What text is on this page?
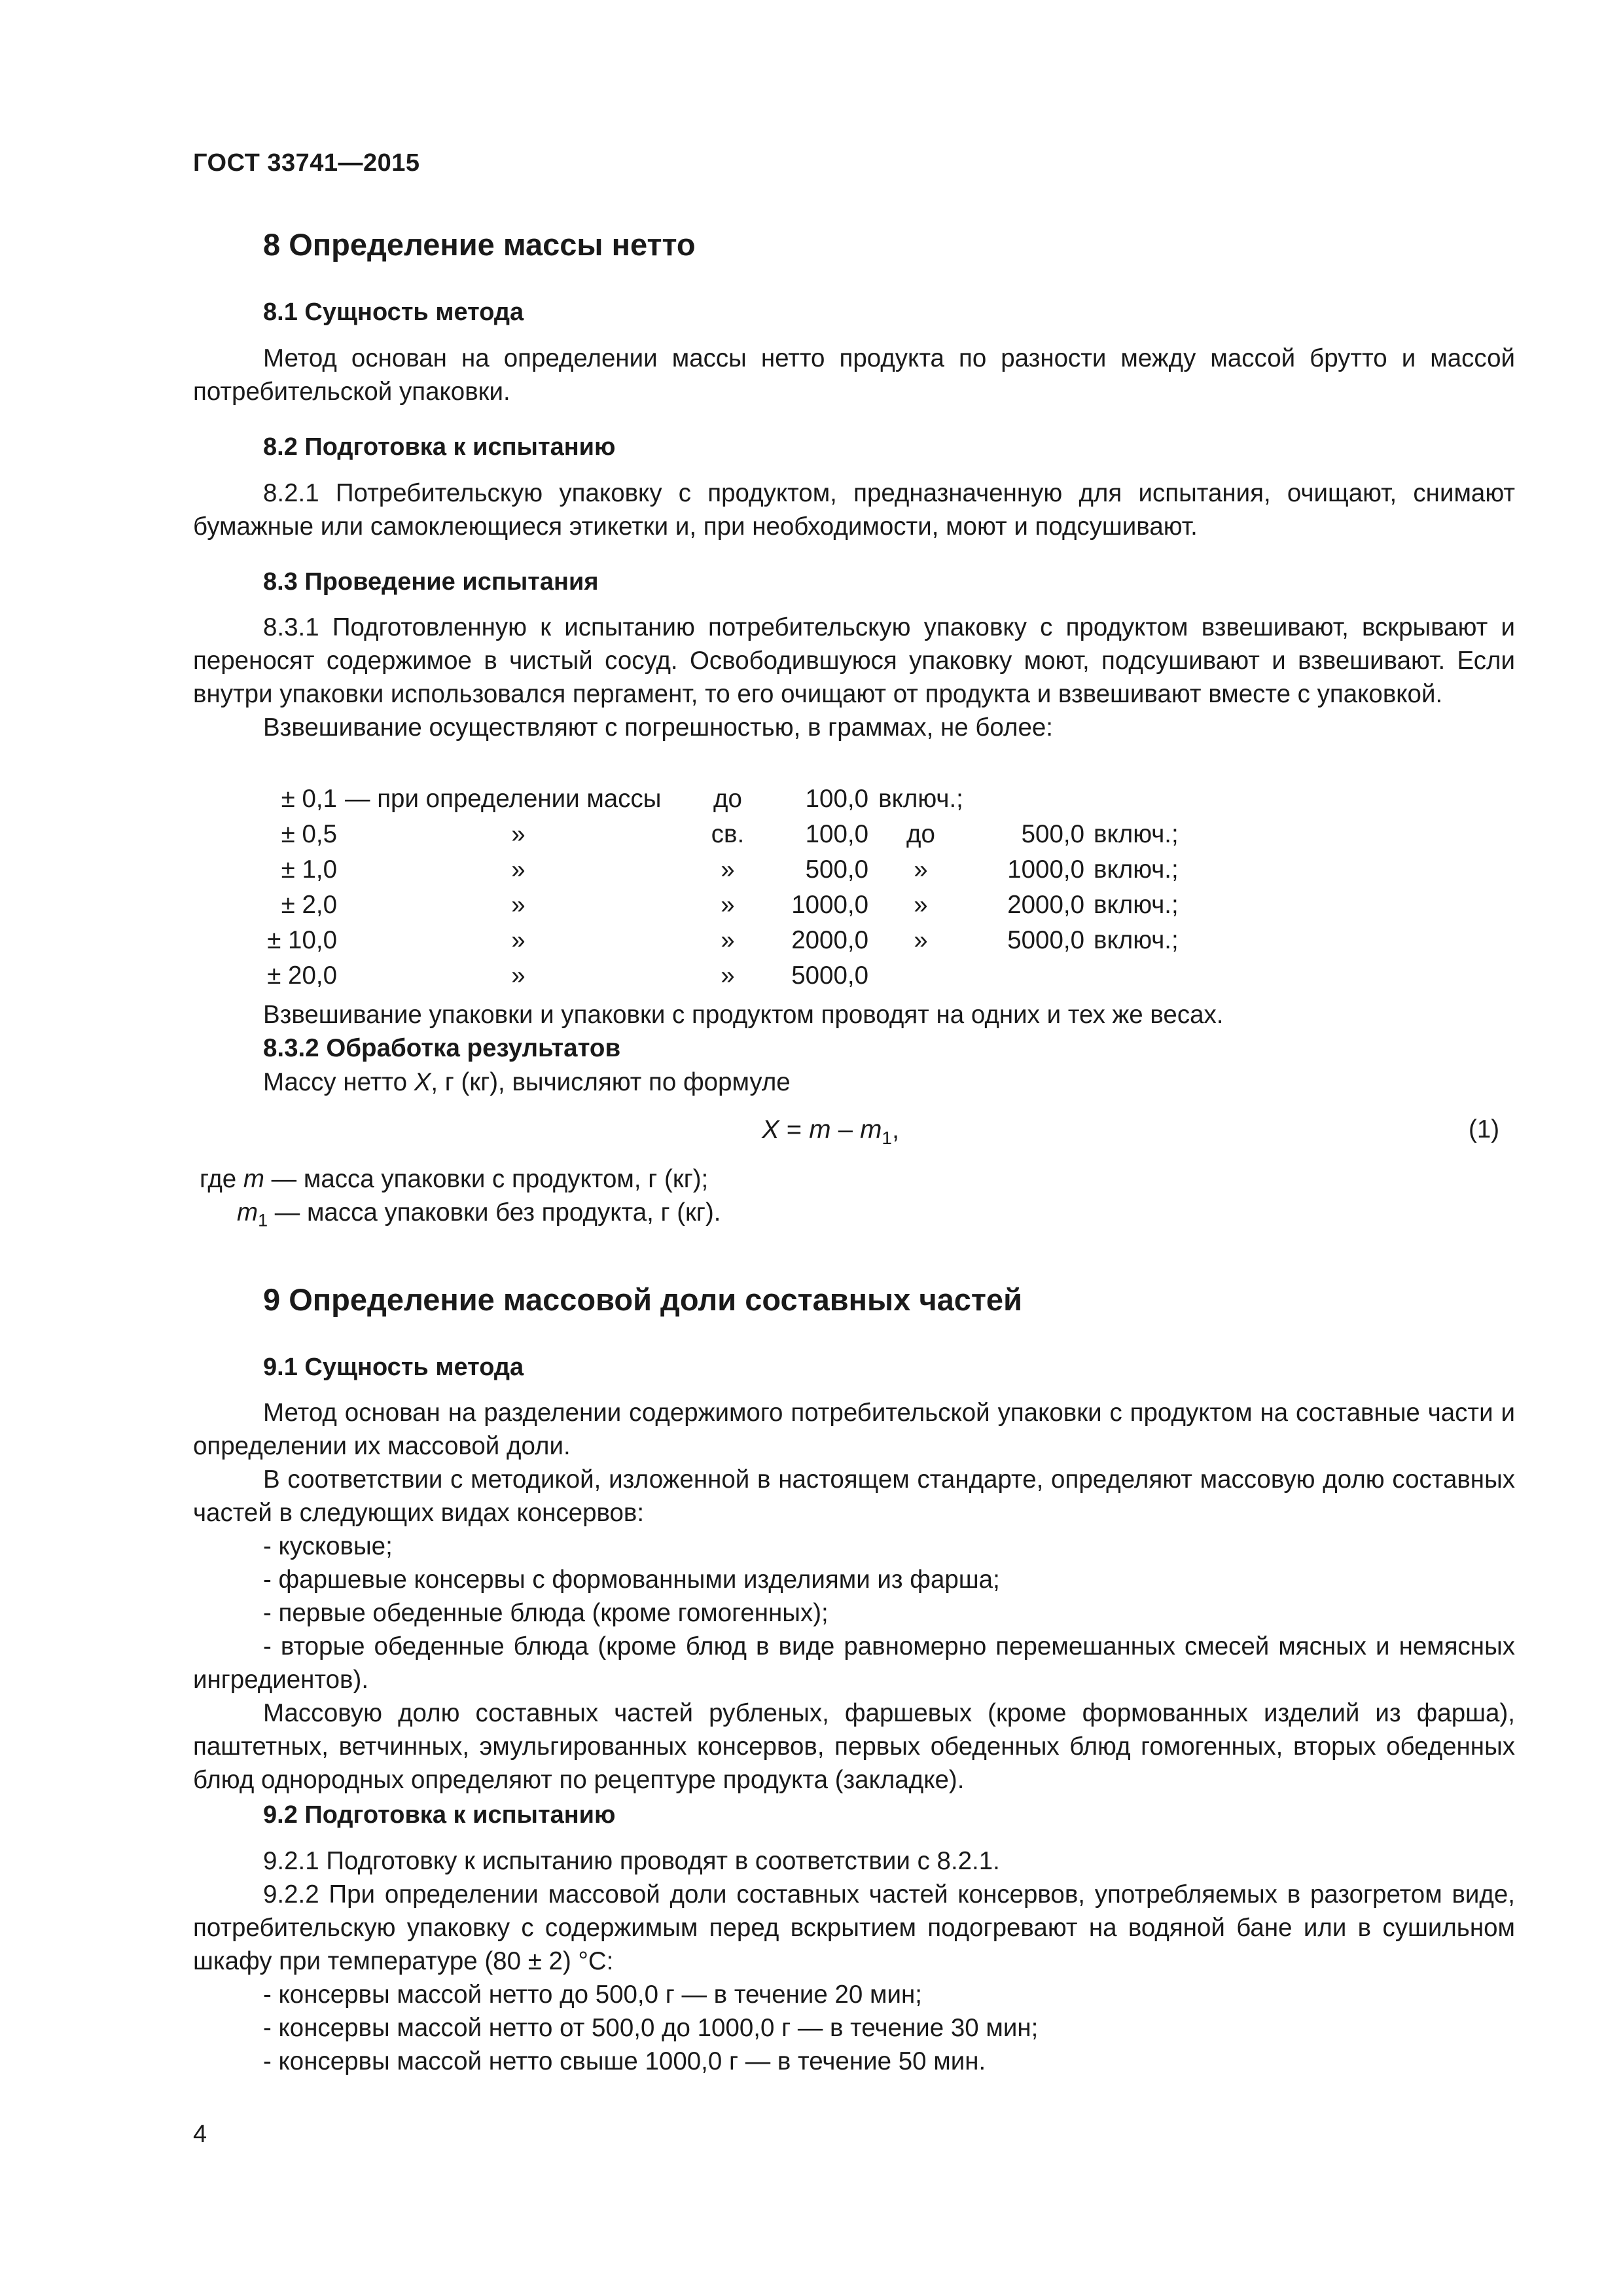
ГОСТ 33741—2015
8 Определение массы нетто
8.1 Сущность метода

Метод основан на определении массы нетто продукта по разности между массой брутто и массой потребительской упаковки.

8.2 Подготовка к испытанию

8.2.1 Потребительскую упаковку с продуктом, предназначенную для испытания, очищают, снимают бумажные или самоклеющиеся этикетки и, при необходимости, моют и подсушивают.

8.3 Проведение испытания

8.3.1 Подготовленную к испытанию потребительскую упаковку с продуктом взвешивают, вскрывают и переносят содержимое в чистый сосуд. Освободившуюся упаковку моют, подсушивают и взвешивают. Если внутри упаковки использовался пергамент, то его очищают от продукта и взвешивают вместе с упаковкой.

Взвешивание осуществляют с погрешностью, в граммах, не более:

± 0,1	— при определении массы	до	100,0	включ.;		
± 0,5	»	св.	100,0	до	500,0	включ.;
± 1,0	»	»	500,0	»	1000,0	включ.;
± 2,0	»	»	1000,0	»	2000,0	включ.;
± 10,0	»	»	2000,0	»	5000,0	включ.;
± 20,0	»	»	5000,0			

Взвешивание упаковки и упаковки с продуктом проводят на одних и тех же весах.

8.3.2 Обработка результатов
Массу нетто X, г (кг), вычисляют по формуле
$X = m - m_1$,	(1)
где m — масса упаковки с продуктом, г (кг);
$m_1$ — масса упаковки без продукта, г (кг).
9 Определение массовой доли составных частей
9.1 Сущность метода

Метод основан на разделении содержимого потребительской упаковки с продуктом на составные части и определении их массовой доли.

В соответствии с методикой, изложенной в настоящем стандарте, определяют массовую долю составных частей в следующих видах консервов:

- кусковые;

- фаршевые консервы с формованными изделиями из фарша;

- первые обеденные блюда (кроме гомогенных);

- вторые обеденные блюда (кроме блюд в виде равномерно перемешанных смесей мясных и немясных ингредиентов).

Массовую долю составных частей рубленых, фаршевых (кроме формованных изделий из фарша), паштетных, ветчинных, эмульгированных консервов, первых обеденных блюд гомогенных, вторых обеденных блюд однородных определяют по рецептуре продукта (закладке).

9.2 Подготовка к испытанию

9.2.1 Подготовку к испытанию проводят в соответствии с 8.2.1.

9.2.2 При определении массовой доли составных частей консервов, употребляемых в разогретом виде, потребительскую упаковку с содержимым перед вскрытием подогревают на водяной бане или в сушильном шкафу при температуре (80 ± 2) °С:

- консервы массой нетто до 500,0 г — в течение 20 мин;

- консервы массой нетто от 500,0 до 1000,0 г — в течение 30 мин;

- консервы массой нетто свыше 1000,0 г — в течение 50 мин.

4
